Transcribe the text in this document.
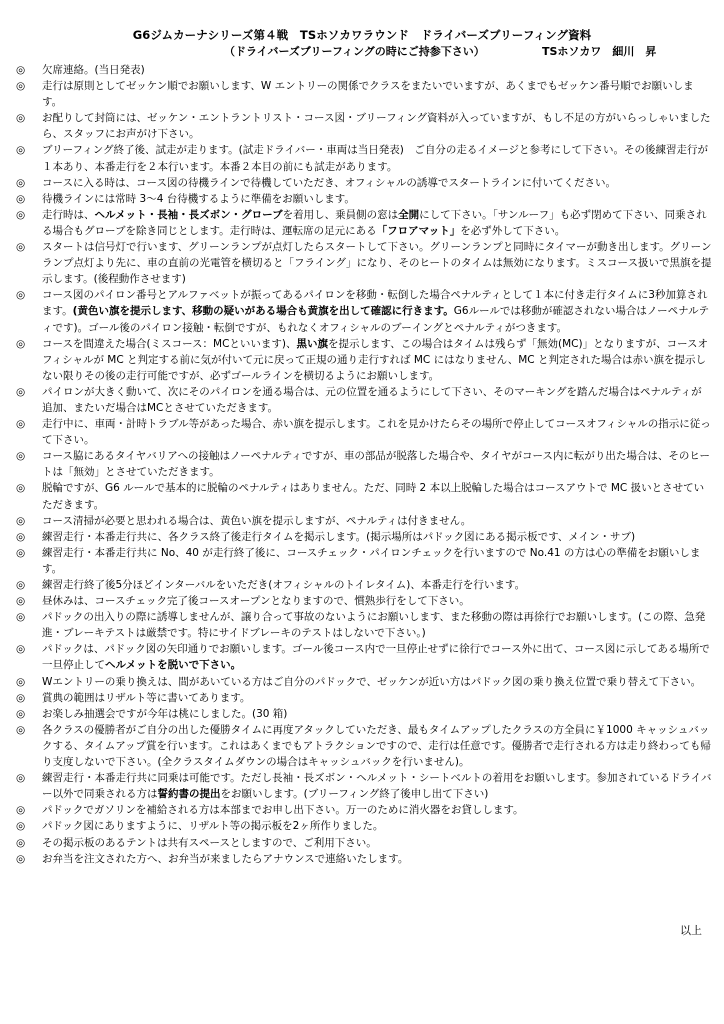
G6ジムカーナシリーズ第４戦　TSホソカワラウンド　ドライバーズブリーフィング資料
（ドライバーズブリーフィングの時にご持参下さい）	TSホソカワ　細川　昇
◎ 欠席連絡。(当日発表)
◎ 走行は原則としてゼッケン順でお願いします、W エントリーの関係でクラスをまたいでいますが、あくまでもゼッケン番号順でお願いします。
◎ お配りして封筒には、ゼッケン・エントラントリスト・コース図・ブリーフィング資料が入っていますが、もし不足の方がいらっしゃいましたら、スタッフにお声がけ下さい。
◎ ブリーフィング終了後、試走が走ります。(試走ドライバー・車両は当日発表)　ご自分の走るイメージと参考にして下さい。その後練習走行が１本あり、本番走行を２本行います。本番２本目の前にも試走があります。
◎ コースに入る時は、コース図の待機ラインで待機していただき、オフィシャルの誘導でスタートラインに付いてください。
◎ 待機ラインには常時 3～4 台待機するように準備をお願いします。
◎ 走行時は、ヘルメット・長袖・長ズボン・グローブを着用し、乗員側の窓は全開にして下さい。「サンルーフ」も必ず閉めて下さい、同乗される場合もグローブを除き同じとします。走行時は、運転席の足元にある「フロアマット」を必ず外して下さい。
◎ スタートは信号灯で行います、グリーンランプが点灯したらスタートして下さい。グリーンランプと同時にタイマーが動き出します。グリーンランプ点灯より先に、車の直前の光電管を横切ると「フライング」になり、そのヒートのタイムは無効になります。ミスコース扱いで黒旗を提示します。(後程動作させます)
◎ コース図のパイロン番号とアルファベットが振ってあるパイロンを移動・転倒した場合ペナルティとして１本に付き走行タイムに3秒加算されます。(黄色い旗を提示します、移動の疑いがある場合も黄旗を出して確認に行きます。G6ルールでは移動が確認されない場合はノーペナルティです)。ゴール後のパイロン接触・転倒ですが、もれなくオフィシャルのブーイングとペナルティがつきます。
◎ コースを間違えた場合(ミスコース：MCといいます)、黒い旗を提示します、この場合はタイムは残らず「無効(MC)」となりますが、コースオフィシャルが MC と判定する前に気が付いて元に戻って正規の通り走行すれば MC にはなりません、MC と判定された場合は赤い旗を提示しない限りその後の走行可能ですが、必ずゴールラインを横切るようにお願いします。
◎ パイロンが大きく動いて、次にそのパイロンを通る場合は、元の位置を通るようにして下さい、そのマーキングを踏んだ場合はペナルティが追加、またいだ場合はMCとさせていただきます。
◎ 走行中に、車両・計時トラブル等があった場合、赤い旗を提示します。これを見かけたらその場所で停止してコースオフィシャルの指示に従って下さい。
◎ コース脇にあるタイヤバリアへの接触はノーペナルティですが、車の部品が脱落した場合や、タイヤがコース内に転がり出た場合は、そのヒートは「無効」とさせていただきます。
◎ 脱輪ですが、G6 ルールで基本的に脱輪のペナルティはありません。ただ、同時 2 本以上脱輪した場合はコースアウトで MC 扱いとさせていただきます。
◎ コース清掃が必要と思われる場合は、黄色い旗を提示しますが、ペナルティは付きません。
◎ 練習走行・本番走行共に、各クラス終了後走行タイムを掲示します。(掲示場所はパドック図にある掲示板です、メイン・サブ)
◎ 練習走行・本番走行共に No、40 が走行終了後に、コースチェック・パイロンチェックを行いますので No.41 の方は心の準備をお願いします。
◎ 練習走行終了後5分ほどインターバルをいただき(オフィシャルのトイレタイム)、本番走行を行います。
◎ 昼休みは、コースチェック完了後コースオープンとなりますので、慣熟歩行をして下さい。
◎ パドックの出入りの際に誘導しませんが、譲り合って事故のないようにお願いします、また移動の際は再徐行でお願いします。(この際、急発進・ブレーキテストは厳禁です。特にサイドブレーキのテストはしないで下さい。)
◎ パドックは、パドック図の矢印通りでお願いします。ゴール後コース内で一旦停止せずに徐行でコース外に出て、コース図に示してある場所で一旦停止してヘルメットを脱いで下さい。
◎ Wエントリーの乗り換えは、間があいている方はご自分のパドックで、ゼッケンが近い方はパドック図の乗り換え位置で乗り替えて下さい。
◎ 賞典の範囲はリザルト等に書いてあります。
◎ お楽しみ抽選会ですが今年は桃にしました。(30 箱)
◎ 各クラスの優勝者がご自分の出した優勝タイムに再度アタックしていただき、最もタイムアップしたクラスの方全員に￥1000 キャッシュバックする、タイムアップ賞を行います。これはあくまでもアトラクションですので、走行は任意です。優勝者で走行される方は走り終わっても帰り支度しないで下さい。(全クラスタイムダウンの場合はキャッシュバックを行いません)。
◎ 練習走行・本番走行共に同乗は可能です。ただし長袖・長ズボン・ヘルメット・シートベルトの着用をお願いします。参加されているドライバー以外で同乗される方は誓約書の提出をお願いします。(ブリーフィング終了後申し出て下さい)
◎ パドックでガソリンを補給される方は本部までお申し出下さい。万一のために消火器をお貸しします。
◎ パドック図にありますように、リザルト等の掲示板を2ヶ所作りました。
◎ その掲示板のあるテントは共有スペースとしますので、ご利用下さい。
◎ お弁当を注文された方へ、お弁当が来ましたらアナウンスで連絡いたします。
以上
